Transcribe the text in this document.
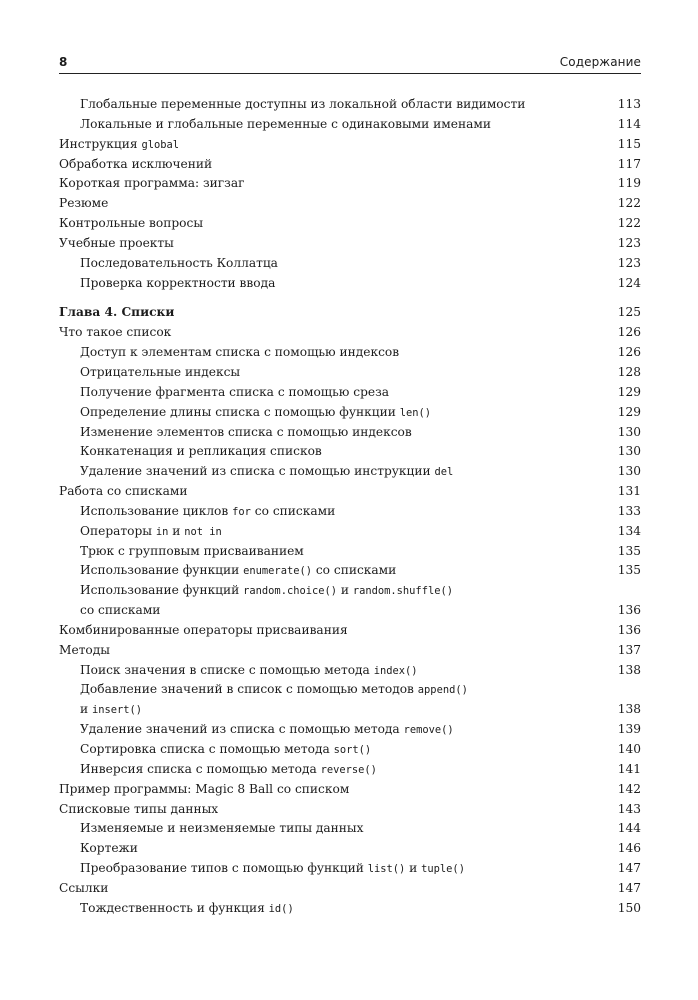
8	Содержание
Глобальные переменные доступны из локальной области видимости	113
Локальные и глобальные переменные с одинаковыми именами	114
Инструкция global	115
Обработка исключений	117
Короткая программа: зигзаг	119
Резюме	122
Контрольные вопросы	122
Учебные проекты	123
Последовательность Коллатца	123
Проверка корректности ввода	124
Глава 4. Списки	125
Что такое список	126
Доступ к элементам списка с помощью индексов	126
Отрицательные индексы	128
Получение фрагмента списка с помощью среза	129
Определение длины списка с помощью функции len()	129
Изменение элементов списка с помощью индексов	130
Конкатенация и репликация списков	130
Удаление значений из списка с помощью инструкции del	130
Работа со списками	131
Использование циклов for со списками	133
Операторы in и not in	134
Трюк с групповым присваиванием	135
Использование функции enumerate() со списками	135
Использование функций random.choice() и random.shuffle()
со списками	136
Комбинированные операторы присваивания	136
Методы	137
Поиск значения в списке с помощью метода index()	138
Добавление значений в список с помощью методов append()
и insert()	138
Удаление значений из списка с помощью метода remove()	139
Сортировка списка с помощью метода sort()	140
Инверсия списка с помощью метода reverse()	141
Пример программы: Magic 8 Ball со списком	142
Списковые типы данных	143
Изменяемые и неизменяемые типы данных	144
Кортежи	146
Преобразование типов с помощью функций list() и tuple()	147
Ссылки	147
Тождественность и функция id()	150
